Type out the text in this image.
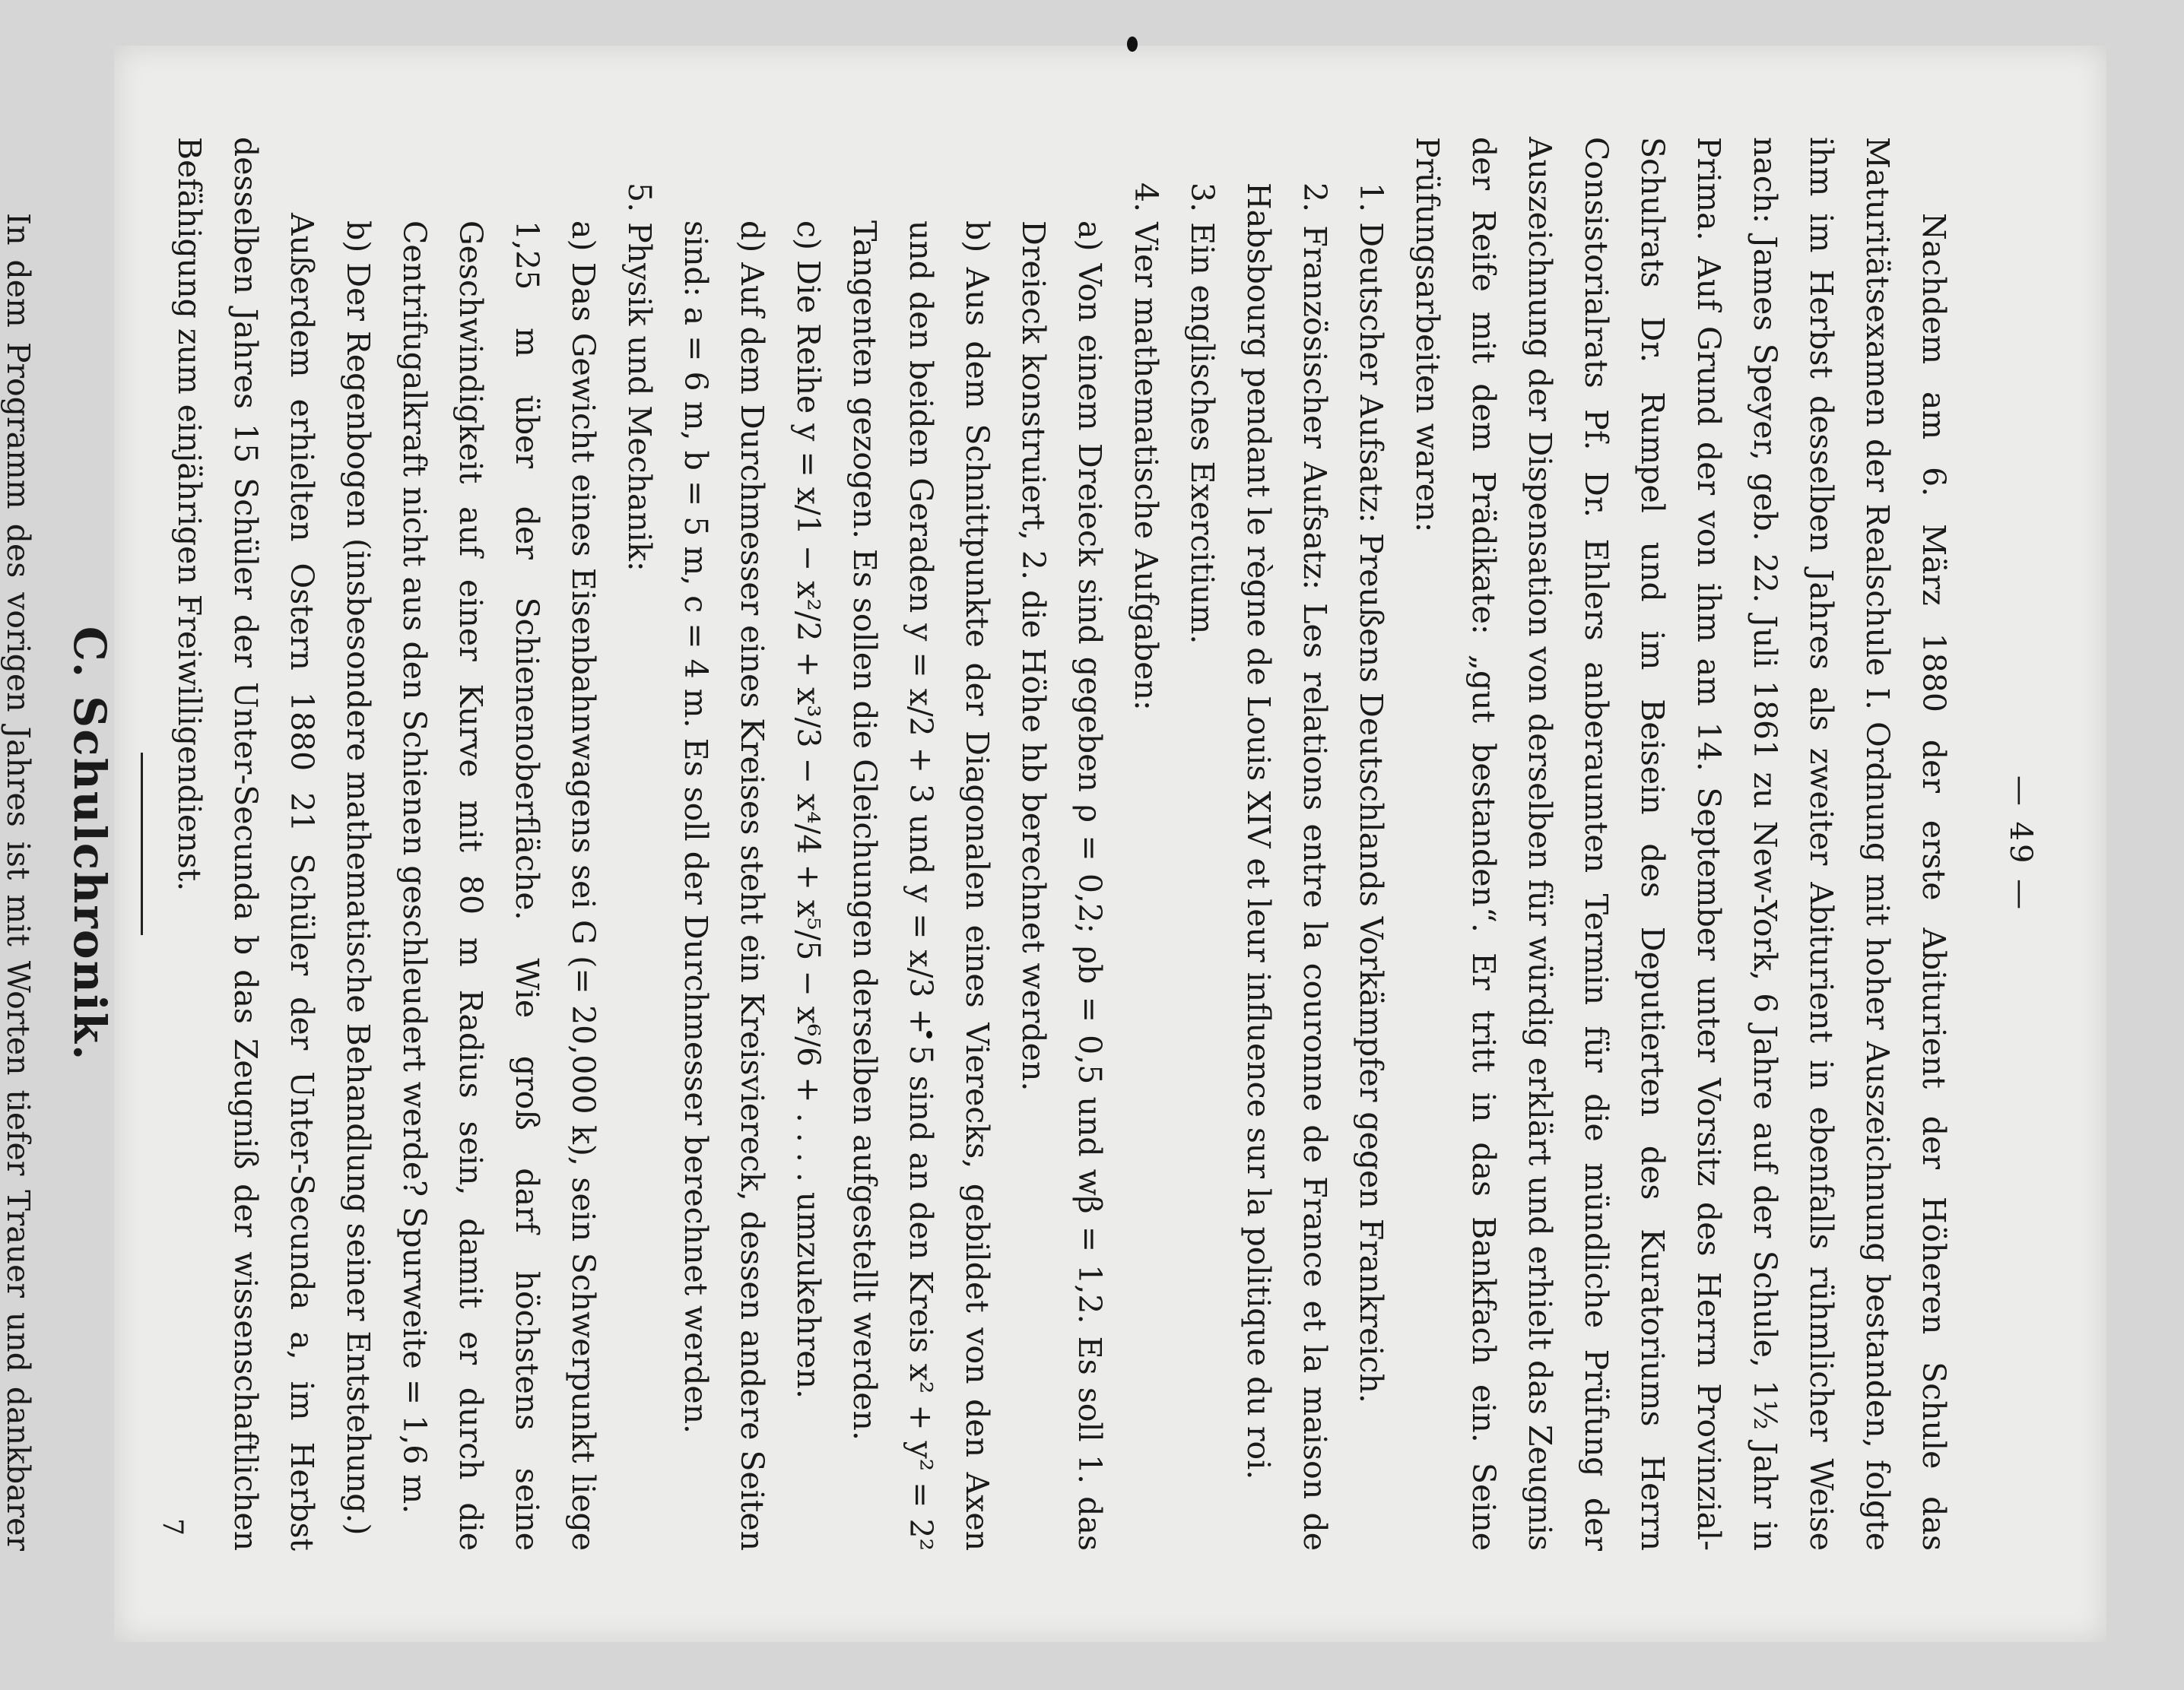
— 49 —

Nachdem am 6. März 1880 der erste Abiturient der Höheren Schule das Maturitätsexamen der Realschule I. Ordnung mit hoher Auszeichnung bestanden, folgte ihm im Herbst desselben Jahres als zweiter Abiturient in ebenfalls rühmlicher Weise nach: James Speyer, geb. 22. Juli 1861 zu New-York, 6 Jahre auf der Schule, 1½ Jahr in Prima. Auf Grund der von ihm am 14. September unter Vorsitz des Herrn Provinzial-Schulrats Dr. Rumpel und im Beisein des Deputierten des Kuratoriums Herrn Consistorialrats Pf. Dr. Ehlers anberaumten Termin für die mündliche Prüfung der Auszeichnung der Dispensation von derselben für würdig erklärt und erhielt das Zeugnis der Reife mit dem Prädikate: „gut bestanden“. Er tritt in das Bankfach ein. Seine Prüfungsarbeiten waren:

1. Deutscher Aufsatz: Preußens Deutschlands Vorkämpfer gegen Frankreich.

2. Französischer Aufsatz: Les relations entre la couronne de France et la maison de Habsbourg pendant le règne de Louis XIV et leur influence sur la politique du roi.

3. Ein englisches Exercitium.

4. Vier mathematische Aufgaben:

a) Von einem Dreieck sind gegeben ρ = 0,2; ρb = 0,5 und wβ = 1,2. Es soll 1. das Dreieck konstruiert, 2. die Höhe hb berechnet werden.

b) Aus dem Schnittpunkte der Diagonalen eines Vierecks, gebildet von den Axen und den beiden Geraden y = x/2 + 3 und y = x/3 + 5 sind an den Kreis x² + y² = 2² Tangenten gezogen. Es sollen die Gleichungen derselben aufgestellt werden.

c) Die Reihe y = x/1 − x²/2 + x³/3 − x⁴/4 + x⁵/5 − x⁶/6 + . . . . umzukehren.

d) Auf dem Durchmesser eines Kreises steht ein Kreisviereck, dessen andere Seiten sind: a = 6 m, b = 5 m, c = 4 m. Es soll der Durchmesser berechnet werden.

5. Physik und Mechanik:

a) Das Gewicht eines Eisenbahnwagens sei G (= 20,000 k), sein Schwerpunkt liege 1,25 m über der Schienenoberfläche. Wie groß darf höchstens seine Geschwindigkeit auf einer Kurve mit 80 m Radius sein, damit er durch die Centrifugalkraft nicht aus den Schienen geschleudert werde? Spurweite = 1,6 m.

b) Der Regenbogen (insbesondere mathematische Behandlung seiner Entstehung.)

Außerdem erhielten Ostern 1880 21 Schüler der Unter-Secunda a, im Herbst desselben Jahres 15 Schüler der Unter-Secunda b das Zeugniß der wissenschaftlichen Befähigung zum einjährigen Freiwilligendienst.

C. Schulchronik.

In dem Programm des vorigen Jahres ist mit Worten tiefer Trauer und dankbarer	7
